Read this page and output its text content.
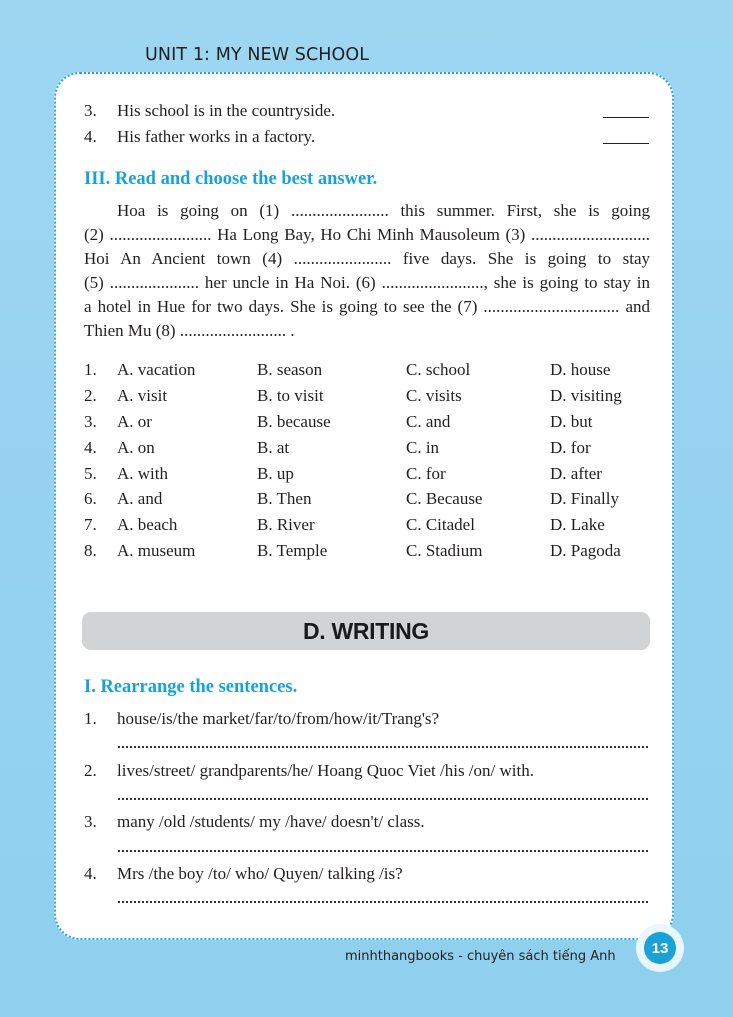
UNIT 1: MY NEW SCHOOL
3. His school is in the countryside.
4. His father works in a factory.
III. Read and choose the best answer.
Hoa is going on (1) ....................... this summer. First, she is going
(2) ........................ Ha Long Bay, Ho Chi Minh Mausoleum (3) ............................
Hoi An Ancient town (4) ....................... five days. She is going to stay
(5) ..................... her uncle in Ha Noi. (6) ........................, she is going to stay in
a hotel in Hue for two days. She is going to see the (7) ................................ and
Thien Mu (8) ......................... .
1. A. vacation	B. season	C. school	D. house
2. A. visit	B. to visit	C. visits	D. visiting
3. A. or	B. because	C. and	D. but
4. A. on	B. at	C. in	D. for
5. A. with	B. up	C. for	D. after
6. A. and	B. Then	C. Because	D. Finally
7. A. beach	B. River	C. Citadel	D. Lake
8. A. museum	B. Temple	C. Stadium	D. Pagoda
D. WRITING
I. Rearrange the sentences.
1. house/is/the market/far/to/from/how/it/Trang's?
2. lives/street/ grandparents/he/ Hoang Quoc Viet /his /on/ with.
3. many /old /students/ my /have/ doesn't/ class.
4. Mrs /the boy /to/ who/ Quyen/ talking /is?
minhthangbooks - chuyên sách tiếng Anh	13
